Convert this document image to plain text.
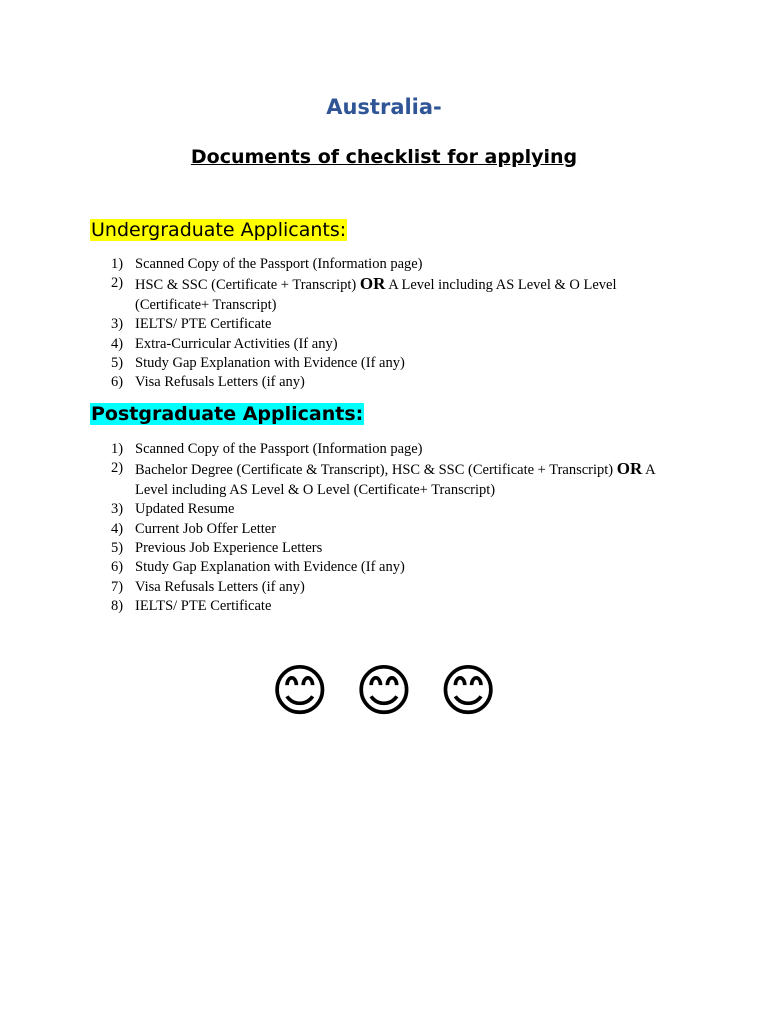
Australia-
Documents of checklist for applying
Undergraduate Applicants:
1) Scanned Copy of the Passport (Information page)
2) HSC & SSC (Certificate + Transcript) OR A Level including AS Level & O Level (Certificate+ Transcript)
3) IELTS/ PTE Certificate
4) Extra-Curricular Activities (If any)
5) Study Gap Explanation with Evidence (If any)
6) Visa Refusals Letters (if any)
Postgraduate Applicants:
1) Scanned Copy of the Passport (Information page)
2) Bachelor Degree (Certificate & Transcript), HSC & SSC (Certificate + Transcript) OR A Level including AS Level & O Level (Certificate+ Transcript)
3) Updated Resume
4) Current Job Offer Letter
5) Previous Job Experience Letters
6) Study Gap Explanation with Evidence (If any)
7) Visa Refusals Letters (if any)
8) IELTS/ PTE Certificate
😊 😊 😊
